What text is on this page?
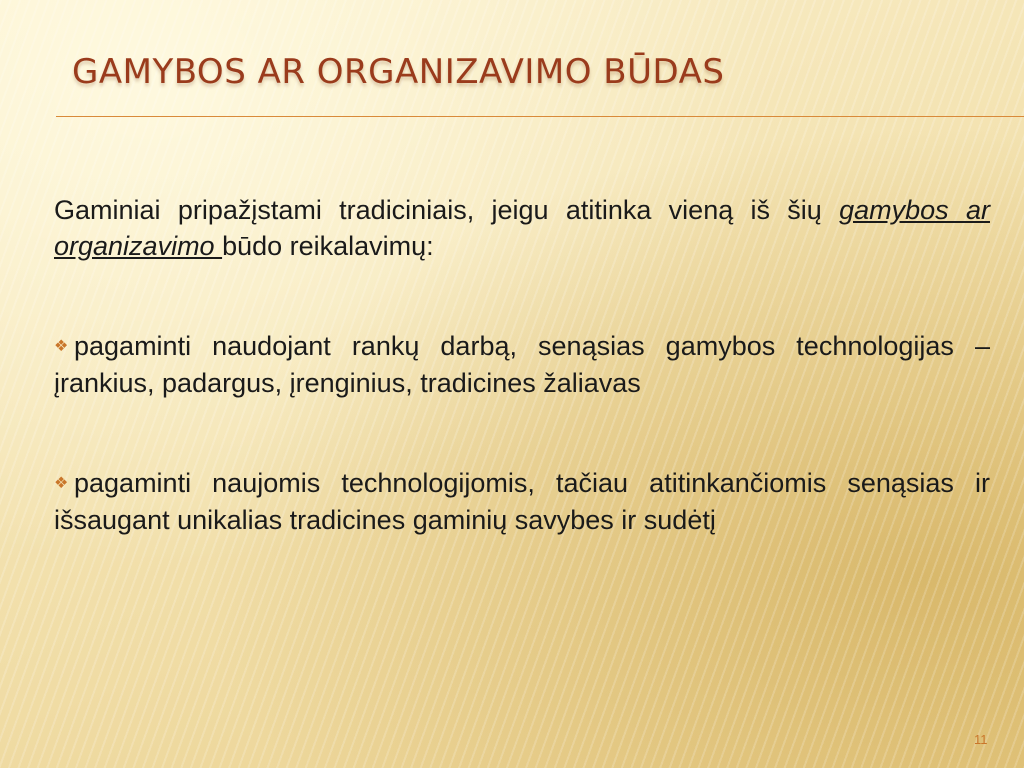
GAMYBOS AR ORGANIZAVIMO BŪDAS

Gaminiai pripažįstami tradiciniais, jeigu atitinka vieną iš šių gamybos ar organizavimo būdo reikalavimų:

❖ pagaminti naudojant rankų darbą, senąsias gamybos technologijas – įrankius, padargus, įrenginius, tradicines žaliavas

❖ pagaminti naujomis technologijomis, tačiau atitinkančiomis senąsias ir išsaugant unikalias tradicines gaminių savybes ir sudėtį

11
